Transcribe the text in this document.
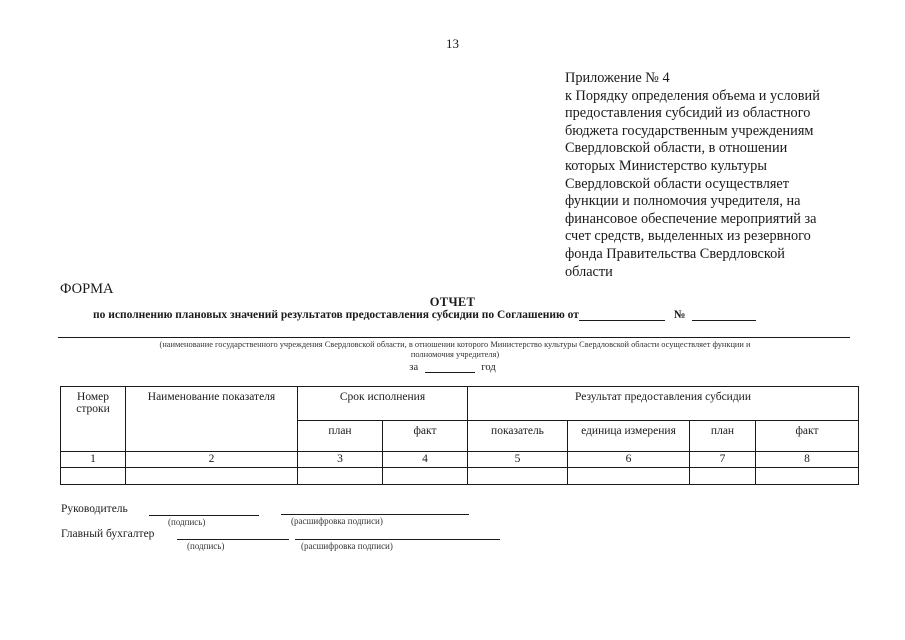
13
Приложение № 4
к Порядку определения объема и условий
предоставления субсидий из областного
бюджета государственным учреждениям
Свердловской области, в отношении
которых Министерство культуры
Свердловской области осуществляет
функции и полномочия учредителя, на
финансовое обеспечение мероприятий за
счет средств, выделенных из резервного
фонда Правительства Свердловской
области
ФОРМА
ОТЧЕТ
по исполнению плановых значений результатов предоставления субсидии по Соглашению от	№
(наименование государственного учреждения Свердловской области, в отношении которого Министерство культуры Свердловской области осуществляет функции и
полномочия учредителя)
за	год
Номер
строки	Наименование показателя	Срок исполнения		Результат предоставления субсидии			
		план	факт	показатель	единица измерения	план	факт
1	2	3	4	5	6	7	8

Руководитель
(подпись)	(расшифровка подписи)
Главный бухгалтер
(подпись)	(расшифровка подписи)
